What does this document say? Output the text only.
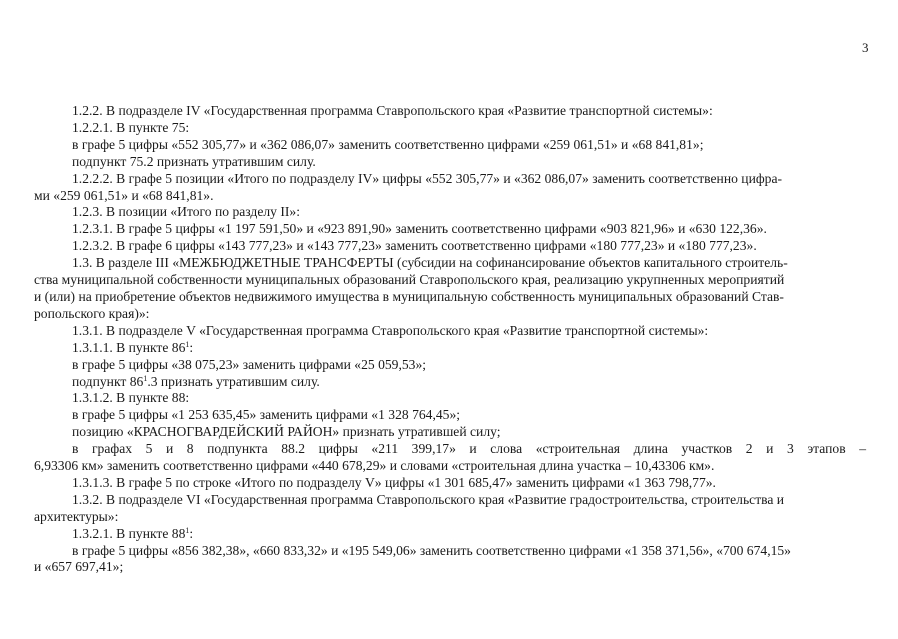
3
1.2.2. В подразделе IV «Государственная программа Ставропольского края «Развитие транспортной системы»:
1.2.2.1. В пункте 75:
в графе 5 цифры «552 305,77» и «362 086,07» заменить соответственно цифрами «259 061,51» и «68 841,81»;
подпункт 75.2 признать утратившим силу.
1.2.2.2. В графе 5 позиции «Итого по подразделу IV» цифры «552 305,77» и «362 086,07» заменить соответственно цифра-
ми «259 061,51» и «68 841,81».
1.2.3. В позиции «Итого по разделу II»:
1.2.3.1. В графе 5 цифры «1 197 591,50» и «923 891,90» заменить соответственно цифрами «903 821,96» и «630 122,36».
1.2.3.2. В графе 6 цифры «143 777,23» и «143 777,23» заменить соответственно цифрами «180 777,23» и «180 777,23».
1.3. В разделе III «МЕЖБЮДЖЕТНЫЕ ТРАНСФЕРТЫ (субсидии на софинансирование объектов капитального строитель-
ства муниципальной собственности муниципальных образований Ставропольского края, реализацию укрупненных мероприятий
и (или) на приобретение объектов недвижимого имущества в муниципальную собственность муниципальных образований Став-
ропольского края)»:
1.3.1. В подразделе V «Государственная программа Ставропольского края «Развитие транспортной системы»:
1.3.1.1. В пункте $86^1$:
в графе 5 цифры «38 075,23» заменить цифрами «25 059,53»;
подпункт $86^1.3$ признать утратившим силу.
1.3.1.2. В пункте 88:
в графе 5 цифры «1 253 635,45» заменить цифрами «1 328 764,45»;
позицию «КРАСНОГВАРДЕЙСКИЙ РАЙОН» признать утратившей силу;
в графах 5 и 8 подпункта 88.2 цифры «211 399,17» и слова «строительная длина участков 2 и 3 этапов –
6,93306 км» заменить соответственно цифрами «440 678,29» и словами «строительная длина участка – 10,43306 км».
1.3.1.3. В графе 5 по строке «Итого по подразделу V» цифры «1 301 685,47» заменить цифрами «1 363 798,77».
1.3.2. В подразделе VI «Государственная программа Ставропольского края «Развитие градостроительства, строительства и
архитектуры»:
1.3.2.1. В пункте $88^1$:
в графе 5 цифры «856 382,38», «660 833,32» и «195 549,06» заменить соответственно цифрами «1 358 371,56», «700 674,15»
и «657 697,41»;
